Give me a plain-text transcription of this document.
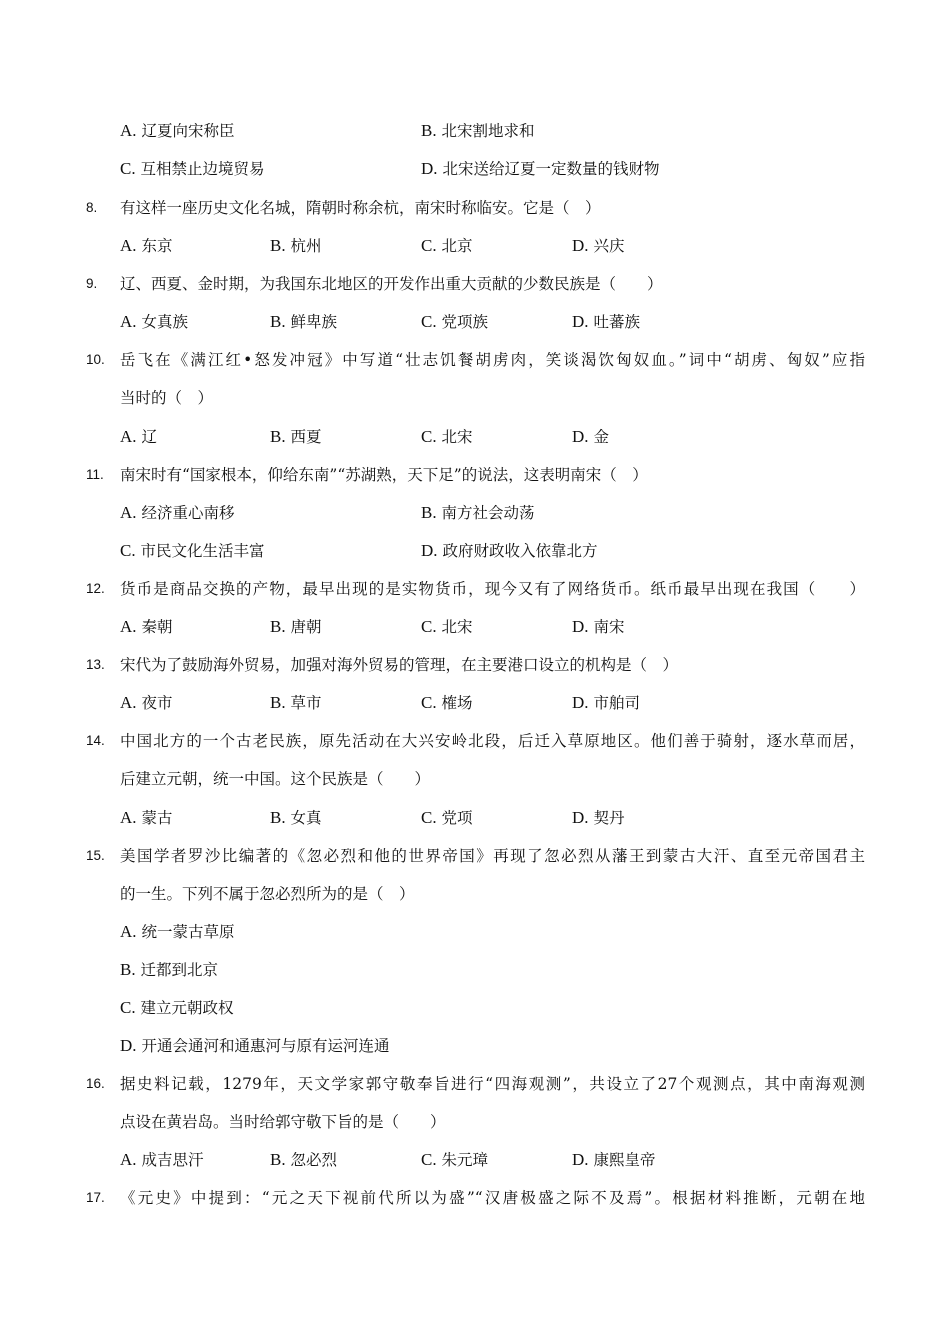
A. 辽夏向宋称臣	B. 北宋割地求和
C. 互相禁止边境贸易	D. 北宋送给辽夏一定数量的钱财物
8. 有这样一座历史文化名城，隋朝时称余杭，南宋时称临安。它是（　）
A. 东京	B. 杭州	C. 北京	D. 兴庆
9. 辽、西夏、金时期，为我国东北地区的开发作出重大贡献的少数民族是（　　）
A. 女真族	B. 鲜卑族	C. 党项族	D. 吐蕃族
10. 岳飞在《满江红•怒发冲冠》中写道“壮志饥餐胡虏肉，笑谈渴饮匈奴血。”词中“胡虏、匈奴”应指
当时的（　）
A. 辽	B. 西夏	C. 北宋	D. 金
11. 南宋时有“国家根本，仰给东南”“苏湖熟，天下足”的说法，这表明南宋（　）
A. 经济重心南移	B. 南方社会动荡
C. 市民文化生活丰富	D. 政府财政收入依靠北方
12. 货币是商品交换的产物，最早出现的是实物货币，现今又有了网络货币。纸币最早出现在我国（　　）
A. 秦朝	B. 唐朝	C. 北宋	D. 南宋
13. 宋代为了鼓励海外贸易，加强对海外贸易的管理，在主要港口设立的机构是（　）
A. 夜市	B. 草市	C. 榷场	D. 市舶司
14. 中国北方的一个古老民族，原先活动在大兴安岭北段，后迁入草原地区。他们善于骑射，逐水草而居，
后建立元朝，统一中国。这个民族是（　　）
A. 蒙古	B. 女真	C. 党项	D. 契丹
15. 美国学者罗沙比编著的《忽必烈和他的世界帝国》再现了忽必烈从藩王到蒙古大汗、直至元帝国君主
的一生。下列不属于忽必烈所为的是（　）
A. 统一蒙古草原
B. 迁都到北京
C. 建立元朝政权
D. 开通会通河和通惠河与原有运河连通
16. 据史料记载，1279年，天文学家郭守敬奉旨进行“四海观测”，共设立了27个观测点，其中南海观测
点设在黄岩岛。当时给郭守敬下旨的是（　　）
A. 成吉思汗	B. 忽必烈	C. 朱元璋	D. 康熙皇帝
17. 《元史》中提到：“元之天下视前代所以为盛”“汉唐极盛之际不及焉”。根据材料推断，元朝在地
